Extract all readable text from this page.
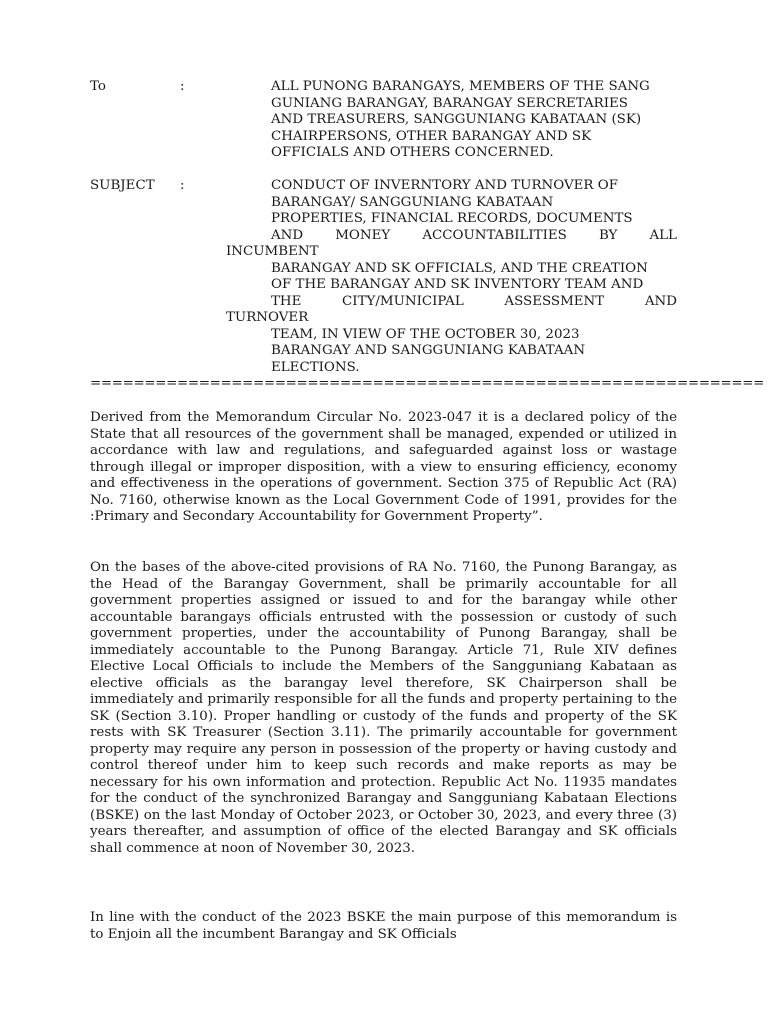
To	:	ALL PUNONG BARANGAYS, MEMBERS OF THE SANG
GUNIANG BARANGAY, BARANGAY SERCRETARIES
AND TREASURERS, SANGGUNIANG KABATAAN (SK)
CHAIRPERSONS, OTHER BARANGAY AND SK
OFFICIALS AND OTHERS CONCERNED.
SUBJECT :	CONDUCT OF INVERNTORY AND TURNOVER OF
BARANGAY/ SANGGUNIANG KABATAAN
PROPERTIES, FINANCIAL RECORDS, DOCUMENTS
AND MONEY ACCOUNTABILITIES BY ALL
INCUMBENT
BARANGAY AND SK OFFICIALS, AND THE CREATION
OF THE BARANGAY AND SK INVENTORY TEAM AND
THE	CITY/MUNICIPAL	ASSESSMENT	AND
TURNOVER
TEAM, IN VIEW OF THE OCTOBER 30, 2023
BARANGAY AND SANGGUNIANG KABATAAN
ELECTIONS.
==============================================================
Derived from the Memorandum Circular No. 2023-047 it is a declared policy of the State that all resources of the government shall be managed, expended or utilized in accordance with law and regulations, and safeguarded against loss or wastage through illegal or improper disposition, with a view to ensuring efficiency, economy and effectiveness in the operations of government. Section 375 of Republic Act (RA) No. 7160, otherwise known as the Local Government Code of 1991, provides for the :Primary and Secondary Accountability for Government Property”.
On the bases of the above-cited provisions of RA No. 7160, the Punong Barangay, as the Head of the Barangay Government, shall be primarily accountable for all government properties assigned or issued to and for the barangay while other accountable barangays officials entrusted with the possession or custody of such government properties, under the accountability of Punong Barangay, shall be immediately accountable to the Punong Barangay. Article 71, Rule XIV defines Elective Local Officials to include the Members of the Sangguniang Kabataan as elective officials as the barangay level therefore, SK Chairperson shall be immediately and primarily responsible for all the funds and property pertaining to the SK (Section 3.10). Proper handling or custody of the funds and property of the SK rests with SK Treasurer (Section 3.11). The primarily accountable for government property may require any person in possession of the property or having custody and control thereof under him to keep such records and make reports as may be necessary for his own information and protection. Republic Act No. 11935 mandates for the conduct of the synchronized Barangay and Sangguniang Kabataan Elections (BSKE) on the last Monday of October 2023, or October 30, 2023, and every three (3) years thereafter, and assumption of office of the elected Barangay and SK officials shall commence at noon of November 30, 2023.
In line with the conduct of the 2023 BSKE the main purpose of this memorandum is to Enjoin all the incumbent Barangay and SK Officials
